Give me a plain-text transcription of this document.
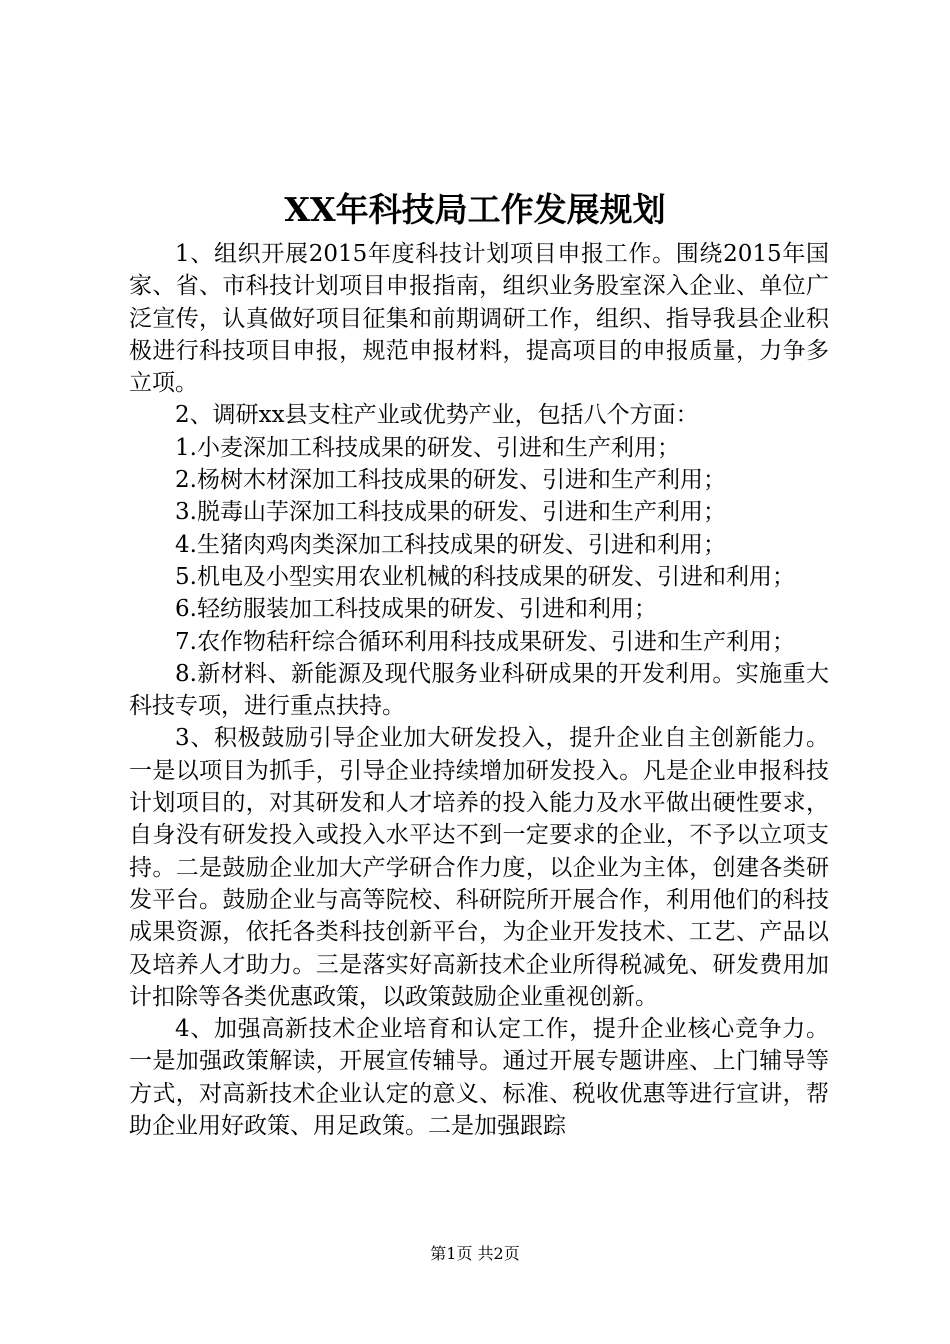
XX年科技局工作发展规划

1、组织开展2015年度科技计划项目申报工作。围绕2015年国家、省、市科技计划项目申报指南，组织业务股室深入企业、单位广泛宣传，认真做好项目征集和前期调研工作，组织、指导我县企业积极进行科技项目申报，规范申报材料，提高项目的申报质量，力争多立项。

2、调研xx县支柱产业或优势产业，包括八个方面：

1.小麦深加工科技成果的研发、引进和生产利用；

2.杨树木材深加工科技成果的研发、引进和生产利用；

3.脱毒山芋深加工科技成果的研发、引进和生产利用；

4.生猪肉鸡肉类深加工科技成果的研发、引进和利用；

5.机电及小型实用农业机械的科技成果的研发、引进和利用；

6.轻纺服装加工科技成果的研发、引进和利用；

7.农作物秸秆综合循环利用科技成果研发、引进和生产利用；

8.新材料、新能源及现代服务业科研成果的开发利用。实施重大科技专项，进行重点扶持。

3、积极鼓励引导企业加大研发投入，提升企业自主创新能力。一是以项目为抓手，引导企业持续增加研发投入。凡是企业申报科技计划项目的，对其研发和人才培养的投入能力及水平做出硬性要求，自身没有研发投入或投入水平达不到一定要求的企业，不予以立项支持。二是鼓励企业加大产学研合作力度，以企业为主体，创建各类研发平台。鼓励企业与高等院校、科研院所开展合作，利用他们的科技成果资源，依托各类科技创新平台，为企业开发技术、工艺、产品以及培养人才助力。三是落实好高新技术企业所得税减免、研发费用加计扣除等各类优惠政策，以政策鼓励企业重视创新。

4、加强高新技术企业培育和认定工作，提升企业核心竞争力。一是加强政策解读，开展宣传辅导。通过开展专题讲座、上门辅导等方式，对高新技术企业认定的意义、标准、税收优惠等进行宣讲，帮助企业用好政策、用足政策。二是加强跟踪

第1页 共2页
